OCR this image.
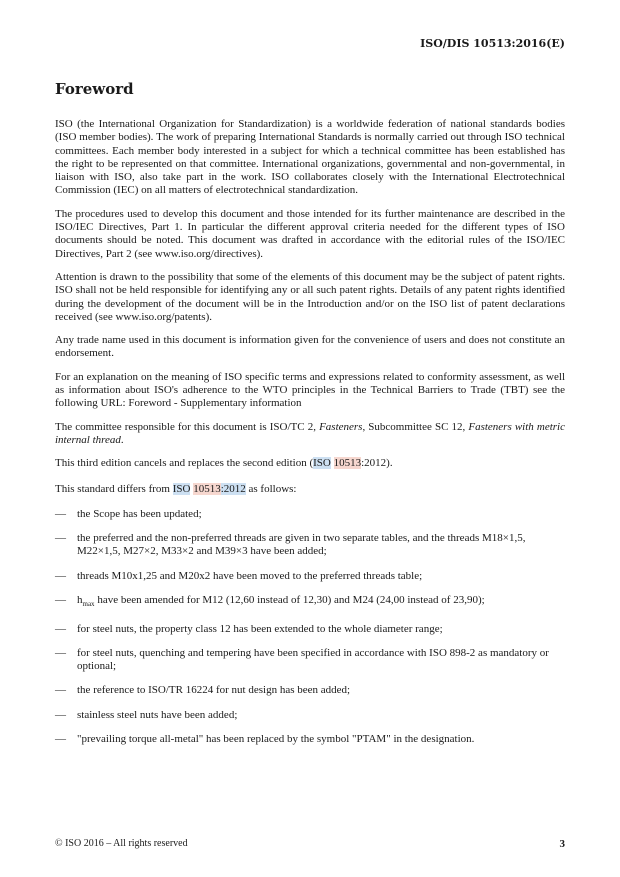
ISO/DIS 10513:2016(E)
Foreword

ISO (the International Organization for Standardization) is a worldwide federation of national standards bodies (ISO member bodies). The work of preparing International Standards is normally carried out through ISO technical committees. Each member body interested in a subject for which a technical committee has been established has the right to be represented on that committee. International organizations, governmental and non-governmental, in liaison with ISO, also take part in the work. ISO collaborates closely with the International Electrotechnical Commission (IEC) on all matters of electrotechnical standardization.

The procedures used to develop this document and those intended for its further maintenance are described in the ISO/IEC Directives, Part 1. In particular the different approval criteria needed for the different types of ISO documents should be noted. This document was drafted in accordance with the editorial rules of the ISO/IEC Directives, Part 2 (see www.iso.org/directives).

Attention is drawn to the possibility that some of the elements of this document may be the subject of patent rights. ISO shall not be held responsible for identifying any or all such patent rights. Details of any patent rights identified during the development of the document will be in the Introduction and/or on the ISO list of patent declarations received (see www.iso.org/patents).

Any trade name used in this document is information given for the convenience of users and does not constitute an endorsement.

For an explanation on the meaning of ISO specific terms and expressions related to conformity assessment, as well as information about ISO's adherence to the WTO principles in the Technical Barriers to Trade (TBT) see the following URL: Foreword - Supplementary information

The committee responsible for this document is ISO/TC 2, Fasteners, Subcommittee SC 12, Fasteners with metric internal thread.

This third edition cancels and replaces the second edition (ISO 10513:2012).

This standard differs from ISO 10513:2012 as follows:

— the Scope has been updated;
— the preferred and the non-preferred threads are given in two separate tables, and the threads M18×1,5, M22×1,5, M27×2, M33×2 and M39×3 have been added;
— threads M10x1,25 and M20x2 have been moved to the preferred threads table;
— $h_{max}$ have been amended for M12 (12,60 instead of 12,30) and M24 (24,00 instead of 23,90);
— for steel nuts, the property class 12 has been extended to the whole diameter range;
— for steel nuts, quenching and tempering have been specified in accordance with ISO 898-2 as mandatory or optional;
— the reference to ISO/TR 16224 for nut design has been added;
— stainless steel nuts have been added;
— "prevailing torque all-metal" has been replaced by the symbol "PTAM" in the designation.
© ISO 2016 – All rights reserved	3
